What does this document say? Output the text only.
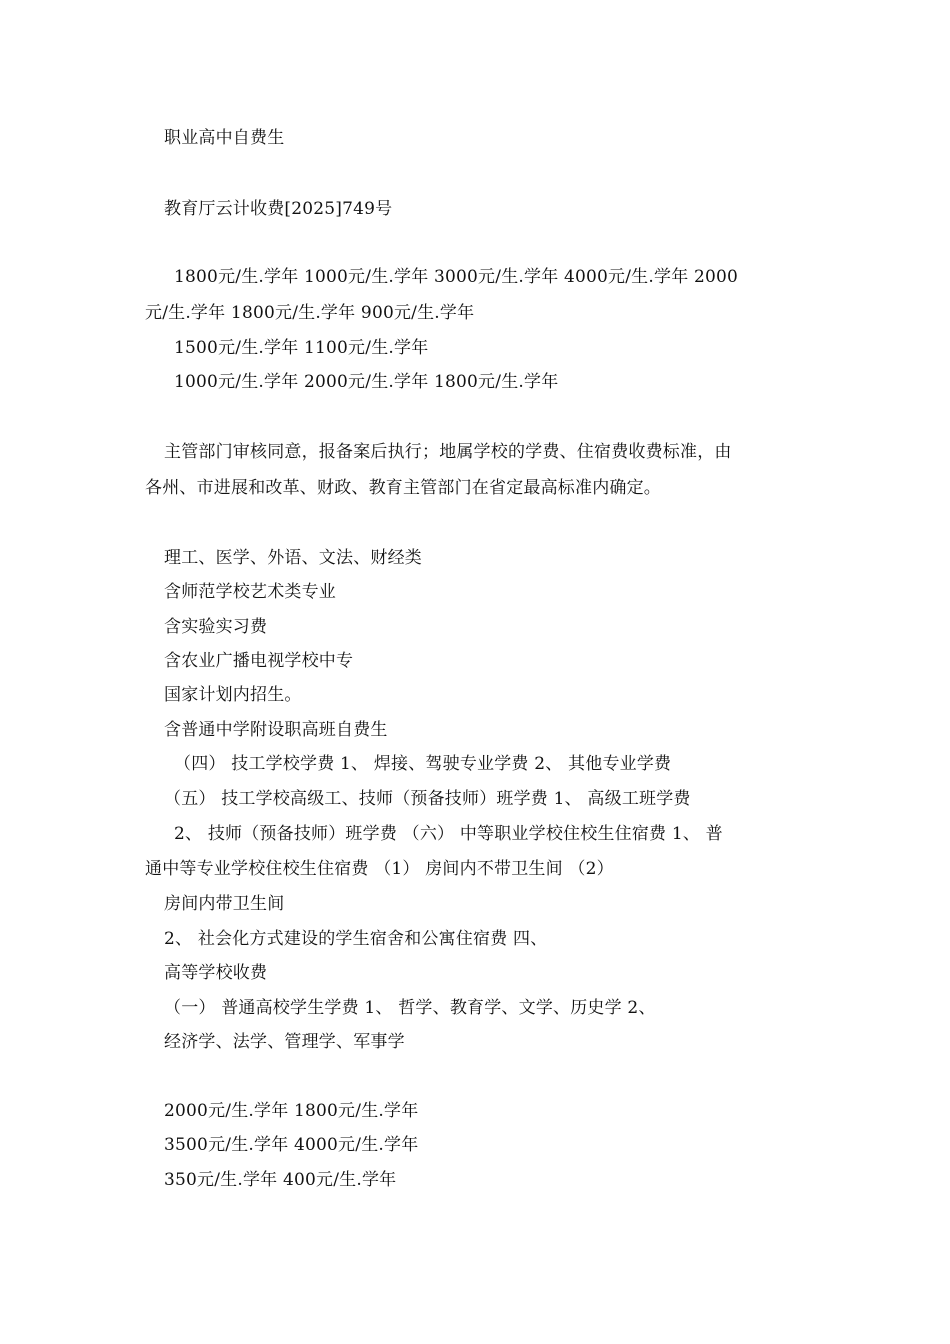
职业高中自费生
教育厅云计收费[2025]749号
1800元/生.学年 1000元/生.学年 3000元/生.学年 4000元/生.学年 2000
元/生.学年 1800元/生.学年 900元/生.学年
1500元/生.学年 1100元/生.学年
1000元/生.学年 2000元/生.学年 1800元/生.学年
主管部门审核同意，报备案后执行；地属学校的学费、住宿费收费标准，由
各州、市进展和改革、财政、教育主管部门在省定最高标准内确定。
理工、医学、外语、文法、财经类
含师范学校艺术类专业
含实验实习费
含农业广播电视学校中专
国家计划内招生。
含普通中学附设职高班自费生
（四） 技工学校学费 1、 焊接、驾驶专业学费 2、 其他专业学费
（五） 技工学校高级工、技师（预备技师）班学费 1、 高级工班学费
2、 技师（预备技师）班学费 （六） 中等职业学校住校生住宿费 1、 普
通中等专业学校住校生住宿费 （1） 房间内不带卫生间 （2）
房间内带卫生间
2、 社会化方式建设的学生宿舍和公寓住宿费 四、
高等学校收费
（一） 普通高校学生学费 1、 哲学、教育学、文学、历史学 2、
经济学、法学、管理学、军事学
2000元/生.学年 1800元/生.学年
3500元/生.学年 4000元/生.学年
350元/生.学年 400元/生.学年
